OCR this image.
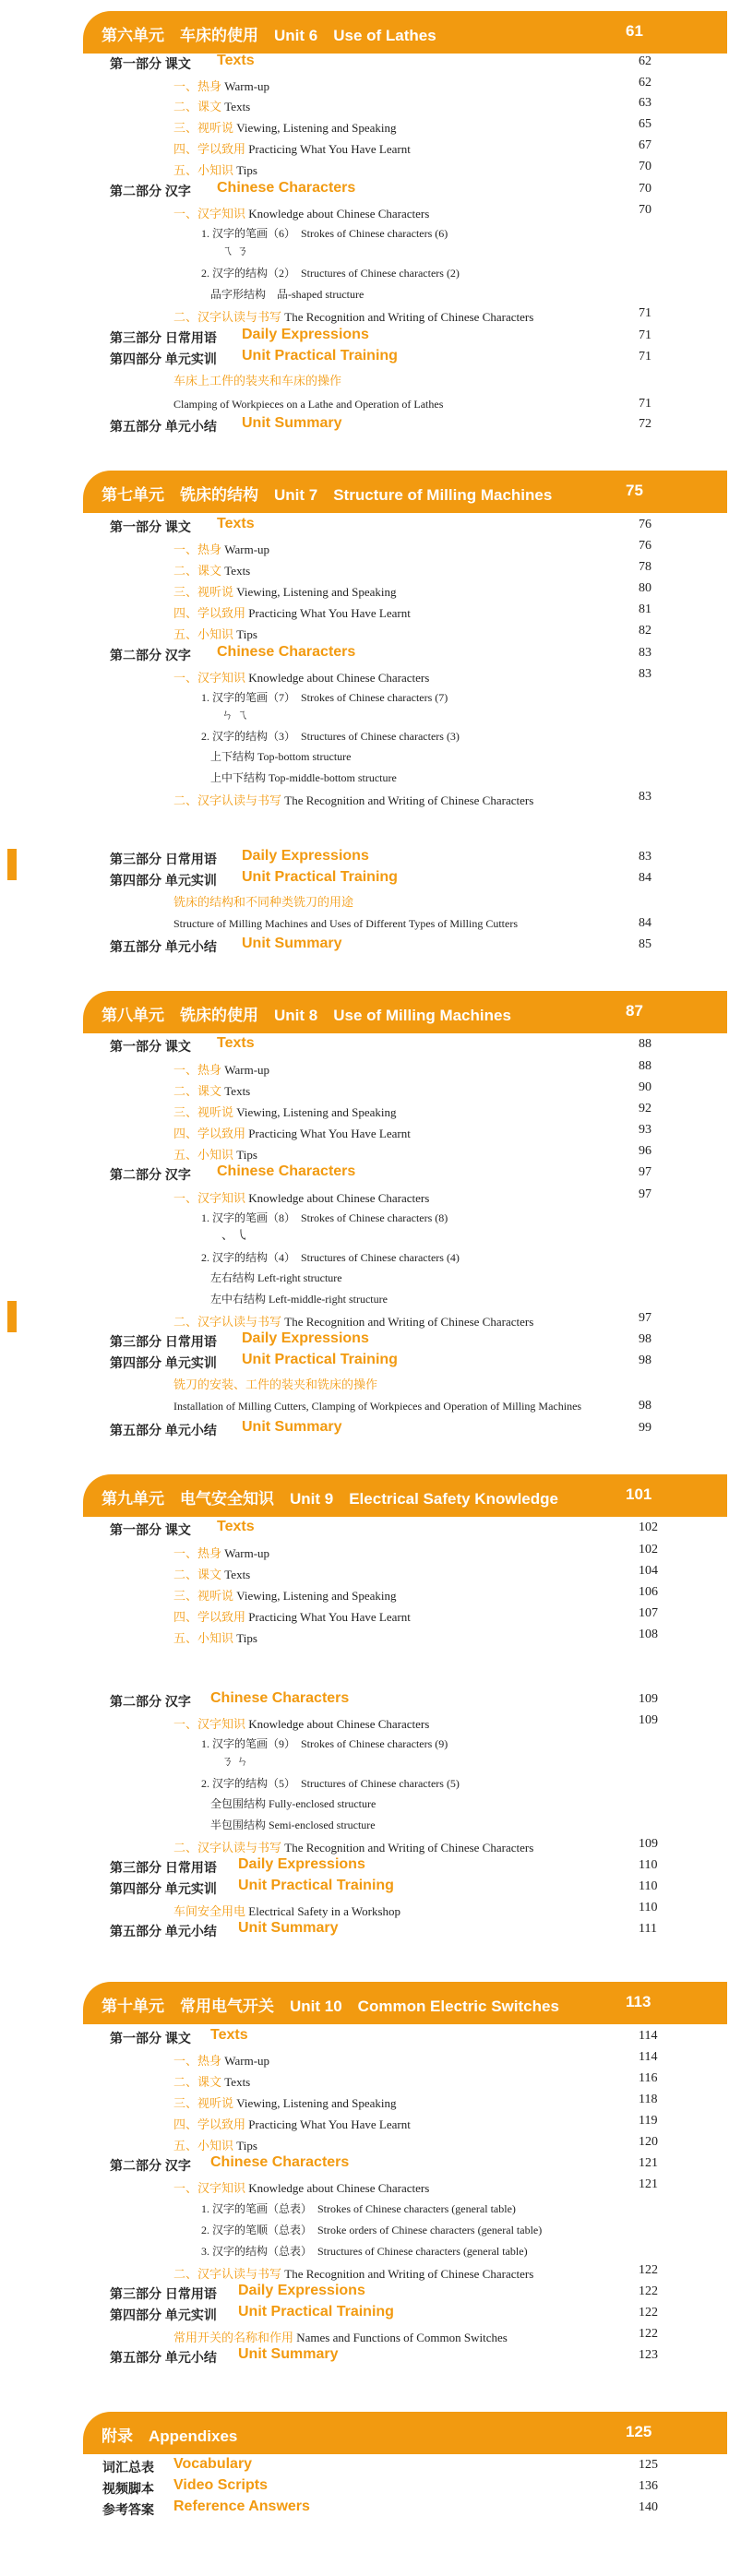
第六单元　车床的使用　Unit 6　Use of Lathes	61
第一部分 课文 Texts	62
一、热身 Warm-up	62
二、课文 Texts	63
三、视听说 Viewing, Listening and Speaking	65
四、学以致用 Practicing What You Have Learnt	67
五、小知识 Tips	70
第二部分 汉字 Chinese Characters	70
一、汉字知识 Knowledge about Chinese Characters	70
1. 汉字的笔画（6）　Strokes of Chinese characters (6)
ㄟ ㄋ
2. 汉字的结构（2）　Structures of Chinese characters (2)
品字形结构　品-shaped structure
二、汉字认读与书写 The Recognition and Writing of Chinese Characters	71
第三部分 日常用语 Daily Expressions	71
第四部分 单元实训 Unit Practical Training	71
车床上工件的装夹和车床的操作
Clamping of Workpieces on a Lathe and Operation of Lathes	71
第五部分 单元小结 Unit Summary	72
第七单元　铣床的结构　Unit 7　Structure of Milling Machines	75
第一部分 课文 Texts	76
一、热身 Warm-up	76
二、课文 Texts	78
三、视听说 Viewing, Listening and Speaking	80
四、学以致用 Practicing What You Have Learnt	81
五、小知识 Tips	82
第二部分 汉字 Chinese Characters	83
一、汉字知识 Knowledge about Chinese Characters	83
1. 汉字的笔画（7）　Strokes of Chinese characters (7)
ㄣ ㄟ
2. 汉字的结构（3）　Structures of Chinese characters (3)
上下结构 Top-bottom structure
上中下结构 Top-middle-bottom structure
二、汉字认读与书写 The Recognition and Writing of Chinese Characters	83
第三部分 日常用语 Daily Expressions	83
第四部分 单元实训 Unit Practical Training	84
铣床的结构和不同种类铣刀的用途
Structure of Milling Machines and Uses of Different Types of Milling Cutters	84
第五部分 单元小结 Unit Summary	85
第八单元　铣床的使用　Unit 8　Use of Milling Machines	87
第一部分 课文 Texts	88
一、热身 Warm-up	88
二、课文 Texts	90
三、视听说 Viewing, Listening and Speaking	92
四、学以致用 Practicing What You Have Learnt	93
五、小知识 Tips	96
第二部分 汉字 Chinese Characters	97
一、汉字知识 Knowledge about Chinese Characters	97
1. 汉字的笔画（8）　Strokes of Chinese characters (8)
、 ㇂
2. 汉字的结构（4）　Structures of Chinese characters (4)
左右结构 Left-right structure
左中右结构 Left-middle-right structure
二、汉字认读与书写 The Recognition and Writing of Chinese Characters	97
第三部分 日常用语 Daily Expressions	98
第四部分 单元实训 Unit Practical Training	98
铣刀的安装、工件的装夹和铣床的操作
Installation of Milling Cutters, Clamping of Workpieces and Operation of Milling Machines	98
第五部分 单元小结 Unit Summary	99
第九单元　电气安全知识　Unit 9　Electrical Safety Knowledge	101
第一部分 课文 Texts	102
一、热身 Warm-up	102
二、课文 Texts	104
三、视听说 Viewing, Listening and Speaking	106
四、学以致用 Practicing What You Have Learnt	107
五、小知识 Tips	108
第二部分 汉字 Chinese Characters	109
一、汉字知识 Knowledge about Chinese Characters	109
1. 汉字的笔画（9）　Strokes of Chinese characters (9)
ㄋ ㄣ
2. 汉字的结构（5）　Structures of Chinese characters (5)
全包围结构 Fully-enclosed structure
半包围结构 Semi-enclosed structure
二、汉字认读与书写 The Recognition and Writing of Chinese Characters	109
第三部分 日常用语 Daily Expressions	110
第四部分 单元实训 Unit Practical Training	110
车间安全用电 Electrical Safety in a Workshop	110
第五部分 单元小结 Unit Summary	111
第十单元　常用电气开关　Unit 10　Common Electric Switches	113
第一部分 课文 Texts	114
一、热身 Warm-up	114
二、课文 Texts	116
三、视听说 Viewing, Listening and Speaking	118
四、学以致用 Practicing What You Have Learnt	119
五、小知识 Tips	120
第二部分 汉字 Chinese Characters	121
一、汉字知识 Knowledge about Chinese Characters	121
1. 汉字的笔画（总表）　Strokes of Chinese characters (general table)
2. 汉字的笔顺（总表）　Stroke orders of Chinese characters (general table)
3. 汉字的结构（总表）　Structures of Chinese characters (general table)
二、汉字认读与书写 The Recognition and Writing of Chinese Characters	122
第三部分 日常用语 Daily Expressions	122
第四部分 单元实训 Unit Practical Training	122
常用开关的名称和作用 Names and Functions of Common Switches	122
第五部分 单元小结 Unit Summary	123
附录　Appendixes	125
词汇总表 Vocabulary	125
视频脚本 Video Scripts	136
参考答案 Reference Answers	140
